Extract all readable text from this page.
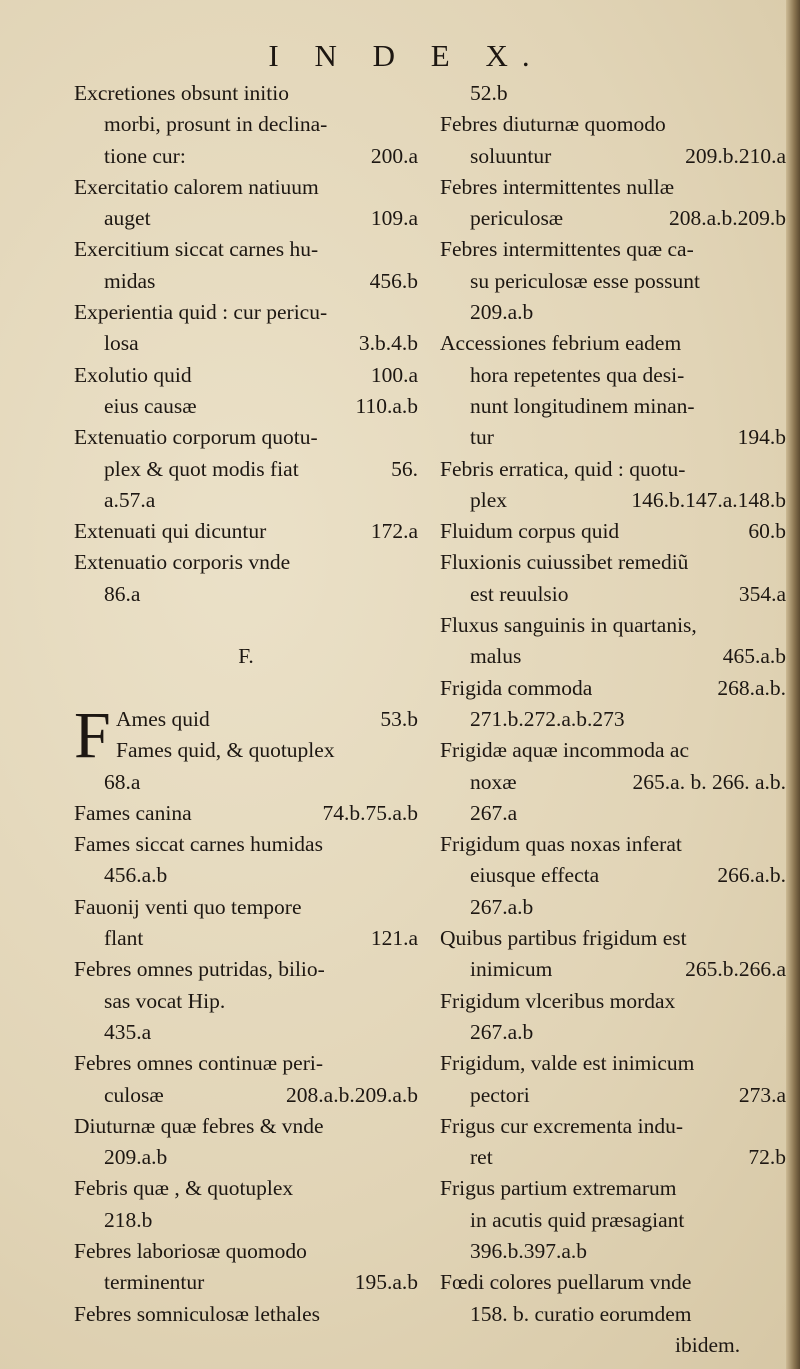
I N D E X.
Excretiones obsunt initio
morbi, prosunt in declina-
tione cur:	200.a
Exercitatio calorem natiuum
auget	109.a
Exercitium siccat carnes hu-
midas	456.b
Experientia quid : cur pericu-
losa	3.b.4.b
Exolutio quid	100.a
eius causæ	110.a.b
Extenuatio corporum quotu-
plex & quot modis fiat	56.
a.57.a
Extenuati qui dicuntur	172.a
Extenuatio corporis vnde
86.a
F.
F Ames quid	53.b
Fames quid, & quotuplex
68.a
Fames canina	74.b.75.a.b
Fames siccat carnes humidas
456.a.b
Fauonij venti quo tempore
flant	121.a
Febres omnes putridas, bilio-
sas vocat Hip.
435.a
Febres omnes continuæ peri-
culosæ	208.a.b.209.a.b
Diuturnæ quæ febres & vnde
209.a.b
Febris quæ , & quotuplex
218.b
Febres laboriosæ quomodo
terminentur	195.a.b
Febres somniculosæ lethales
52.b
Febres diuturnæ quomodo
soluuntur	209.b.210.a
Febres intermittentes nullæ
periculosæ	208.a.b.209.b
Febres intermittentes quæ ca-
su periculosæ esse possunt
209.a.b
Accessiones febrium eadem
hora repetentes qua desi-
nunt longitudinem minan-
tur	194.b
Febris erratica, quid : quotu-
plex	146.b.147.a.148.b
Fluidum corpus quid	60.b
Fluxionis cuiussibet remediũ
est reuulsio	354.a
Fluxus sanguinis in quartanis,
malus	465.a.b
Frigida commoda	268.a.b.
271.b.272.a.b.273
Frigidæ aquæ incommoda ac
noxæ	265.a. b. 266. a.b.
267.a
Frigidum quas noxas inferat
eiusque effecta	266.a.b.
267.a.b
Quibus partibus frigidum est
inimicum	265.b.266.a
Frigidum vlceribus mordax
267.a.b
Frigidum, valde est inimicum
pectori	273.a
Frigus cur excrementa indu-
ret	72.b
Frigus partium extremarum
in acutis quid præsagiant
396.b.397.a.b
Fœdi colores puellarum vnde
158. b. curatio eorumdem
ibidem.
